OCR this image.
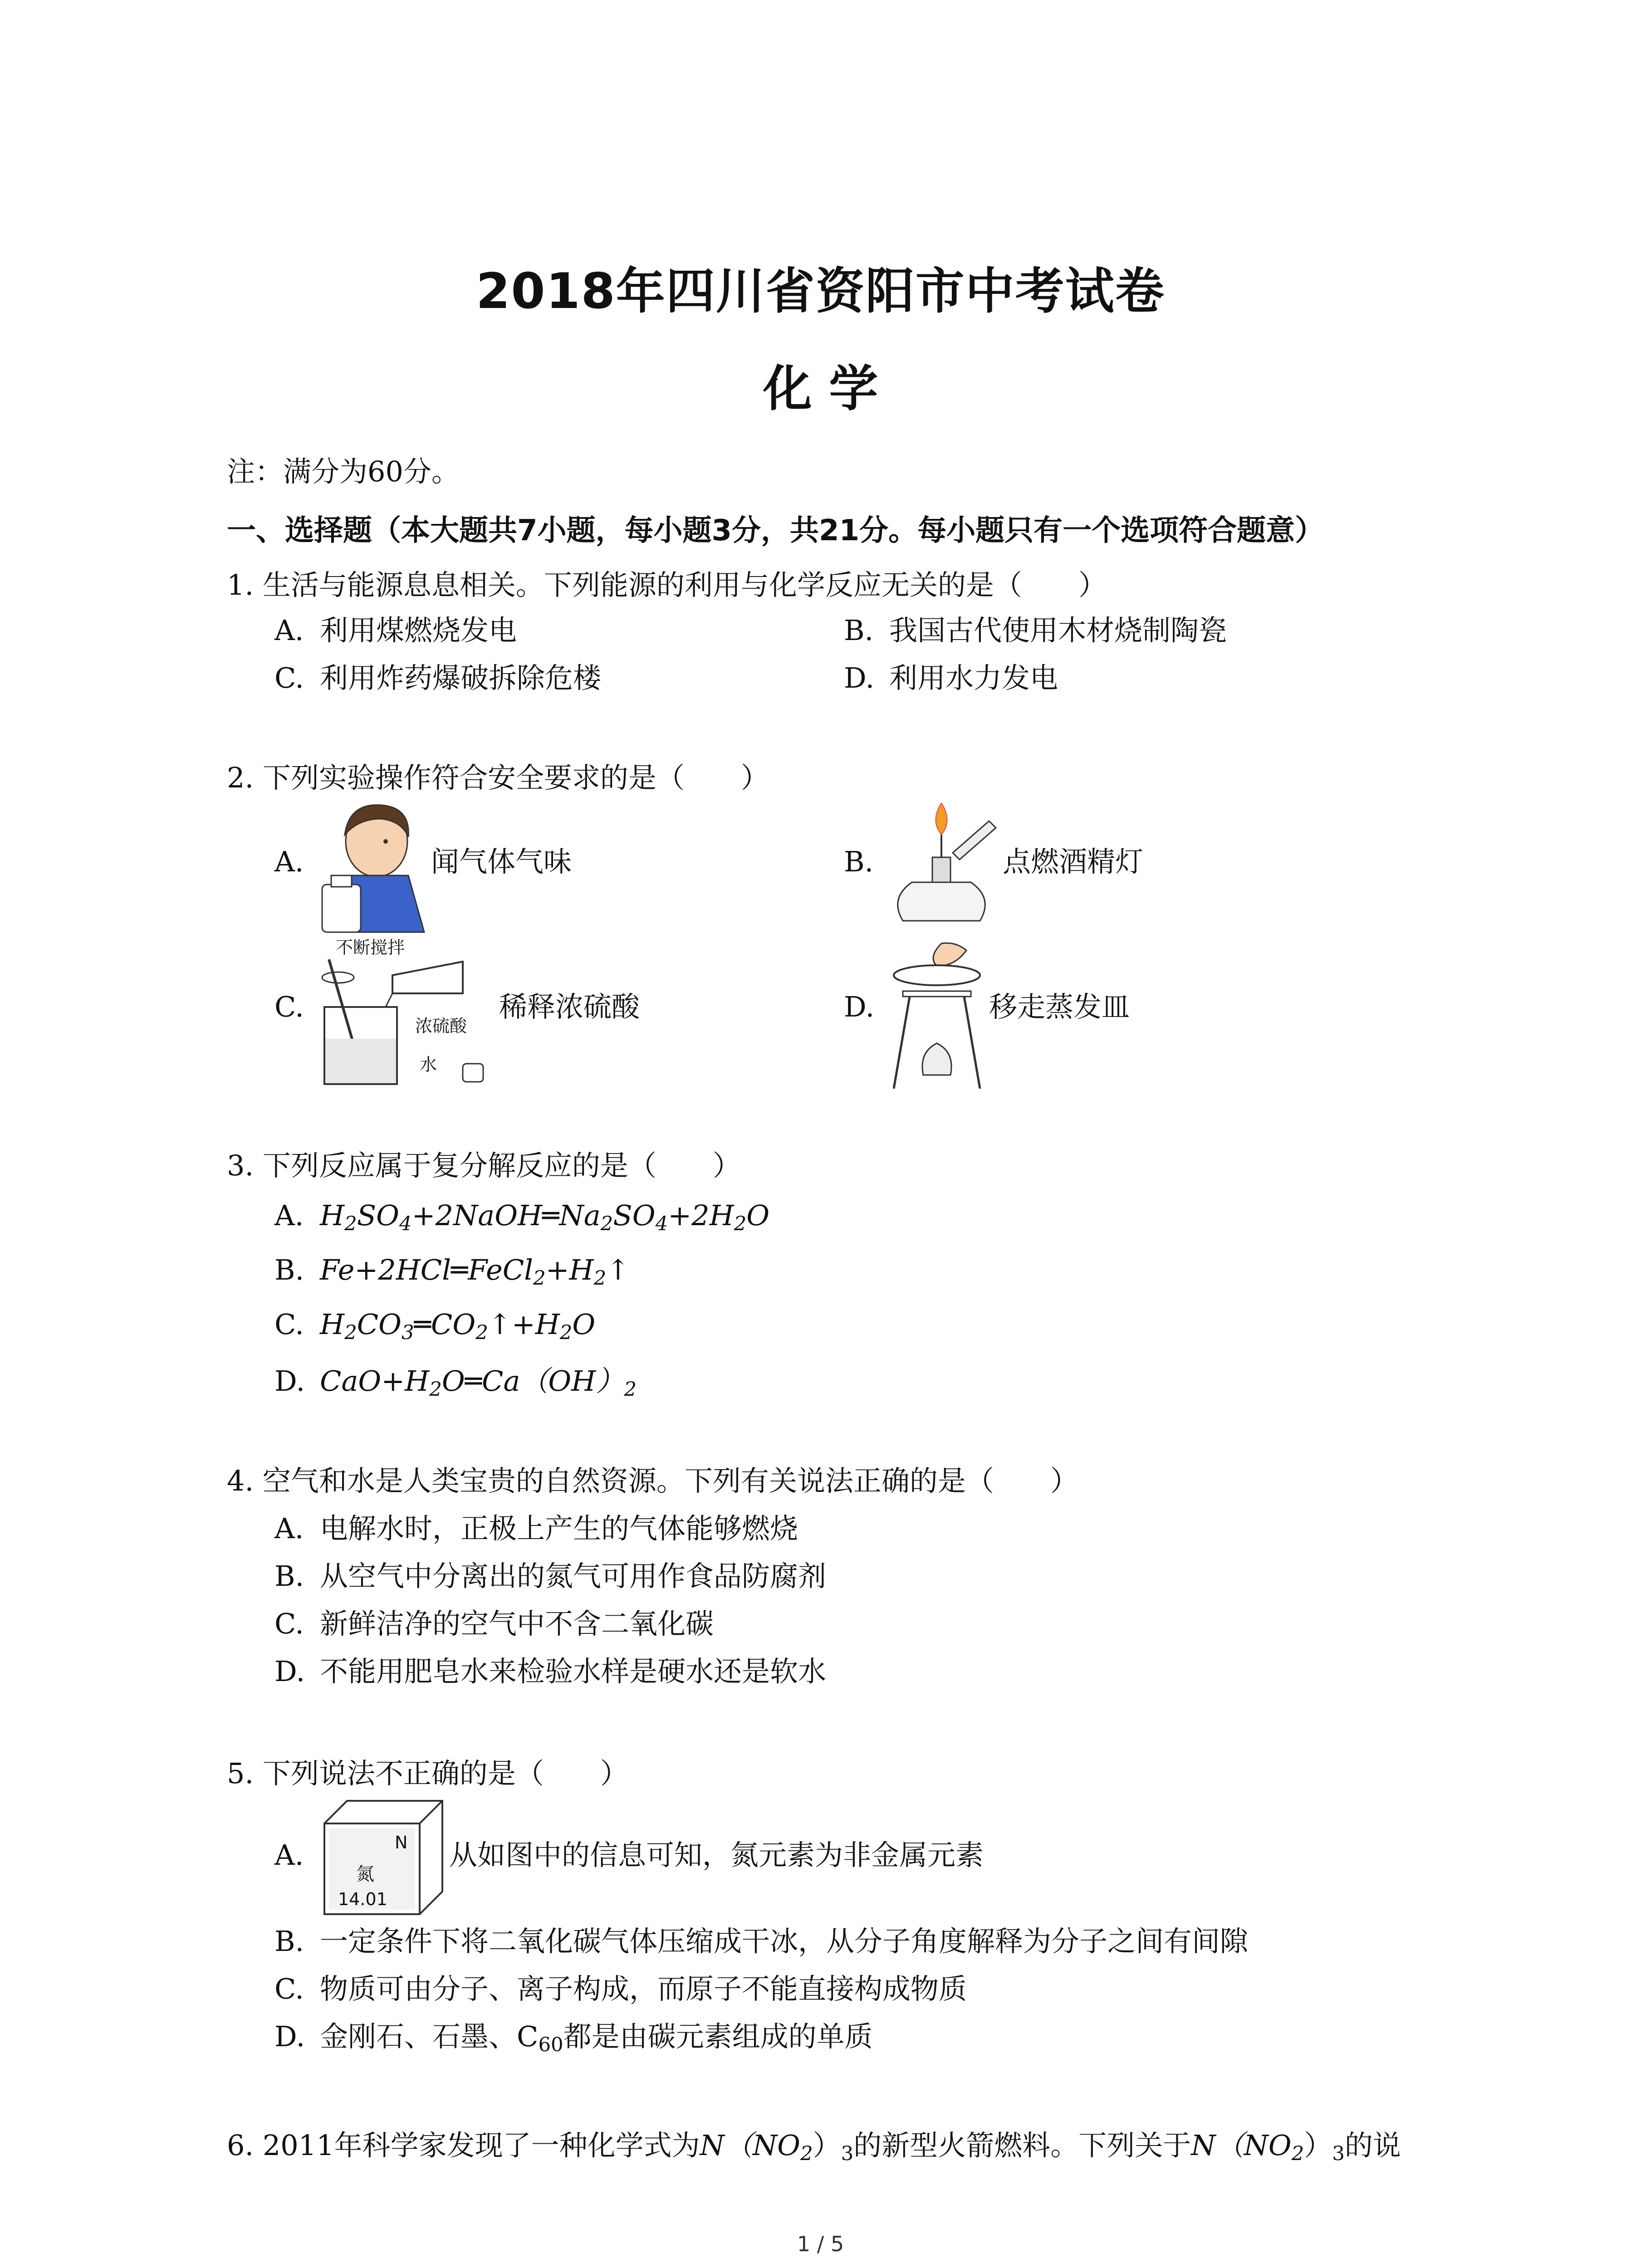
2018年四川省资阳市中考试卷
化 学
注：满分为60分。
一、选择题（本大题共7小题，每小题3分，共21分。每小题只有一个选项符合题意）
1. 生活与能源息息相关。下列能源的利用与化学反应无关的是（　　）
A. 利用煤燃烧发电	B. 我国古代使用木材烧制陶瓷
C. 利用炸药爆破拆除危楼	D. 利用水力发电
2. 下列实验操作符合安全要求的是（　　）
A.	闻气体气味	B.	点燃酒精灯
C.
不断搅拌
浓硫酸
水
稀释浓硫酸	D.	移走蒸发皿
3. 下列反应属于复分解反应的是（　　）
A. $H_2SO_4+2NaOH═Na_2SO_4+2H_2O$
B. $Fe+2HCl═FeCl_2+H_2↑$
C. $H_2CO_3═CO_2↑+H_2O$
D. $CaO+H_2O═Ca(OH)_2$
4. 空气和水是人类宝贵的自然资源。下列有关说法正确的是（　　）
A. 电解水时，正极上产生的气体能够燃烧
B. 从空气中分离出的氮气可用作食品防腐剂
C. 新鲜洁净的空气中不含二氧化碳
D. 不能用肥皂水来检验水样是硬水还是软水
5. 下列说法不正确的是（　　）
A.	N
氮
14.01
从如图中的信息可知，氮元素为非金属元素
B. 一定条件下将二氧化碳气体压缩成干冰，从分子角度解释为分子之间有间隙
C. 物质可由分子、离子构成，而原子不能直接构成物质
D. 金刚石、石墨、$C_{60}$都是由碳元素组成的单质
6. 2011年科学家发现了一种化学式为$N(NO_2)_3$的新型火箭燃料。下列关于$N(NO_2)_3$的说
1 / 5
